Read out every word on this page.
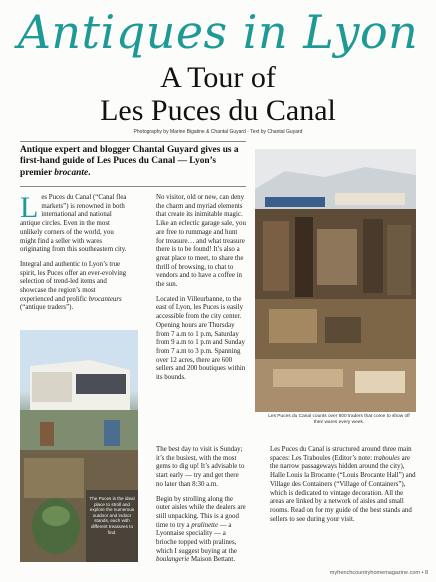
Antiques in Lyon
A Tour of
Les Puces du Canal
Photography by Marine Bigatine & Chantal Guyard · Text by Chantal Guyard
Antique expert and blogger Chantal Guyard gives us a first-hand guide of Les Puces du Canal — Lyon’s premier brocante.

Les Puces du Canal (“Canal flea markets”) is renowned in both international and national antique circles. Even in the most unlikely corners of the world, you might find a seller with wares originating from this southeastern city.

Integral and authentic to Lyon’s true spirit, les Puces offer an ever-evolving selection of trend-led items and showcase the region’s most experienced and prolific brocanteurs (“antique traders”).

No visitor, old or new, can deny the charm and myriad elements that create its inimitable magic. Like an eclectic garage sale, you are free to rummage and hunt for treasure… and what treasure there is to be found! It’s also a great place to meet, to share the thrill of browsing, to chat to vendors and to have a coffee in the sun.

Located in Villeurbanne, to the east of Lyon, les Puces is easily accessible from the city center. Opening hours are Thursday from 7 a.m to 1 p.m, Saturday from 9 a.m to 1 p.m and Sunday from 7 a.m to 3 p.m. Spanning over 12 acres, there are 600 sellers and 200 boutiques within its bounds.

The best day to visit is Sunday; it’s the busiest, with the most gems to dig up! It’s advisable to start early — try and get there no later than 8:30 a.m.

Begin by strolling along the outer aisles while the dealers are still unpacking. This is a good time to try a pralinette — a Lyonnaise speciality — a brioche topped with pralines, which I suggest buying at the boulangerie Maison Bettant.

Les Puces du Canal is structured around three main spaces: Les Traboules (Editor’s note: traboules are the narrow passageways hidden around the city), Halle Louis la Brocante (“Louis Brocante Hall”) and Village des Containers (“Village of Containers”), which is dedicated to vintage decoration. All the areas are linked by a network of aisles and small rooms. Read on for my guide of the best stands and sellers to see during your visit.

Les Puces du Canal counts over 600 traders that come to show off their wares every week.
The Puces is the ideal place to stroll and explore the numerous outdoor and indoor stands, each with different treasures to find.
myfrenchcountryhomemagazine.com • 8
